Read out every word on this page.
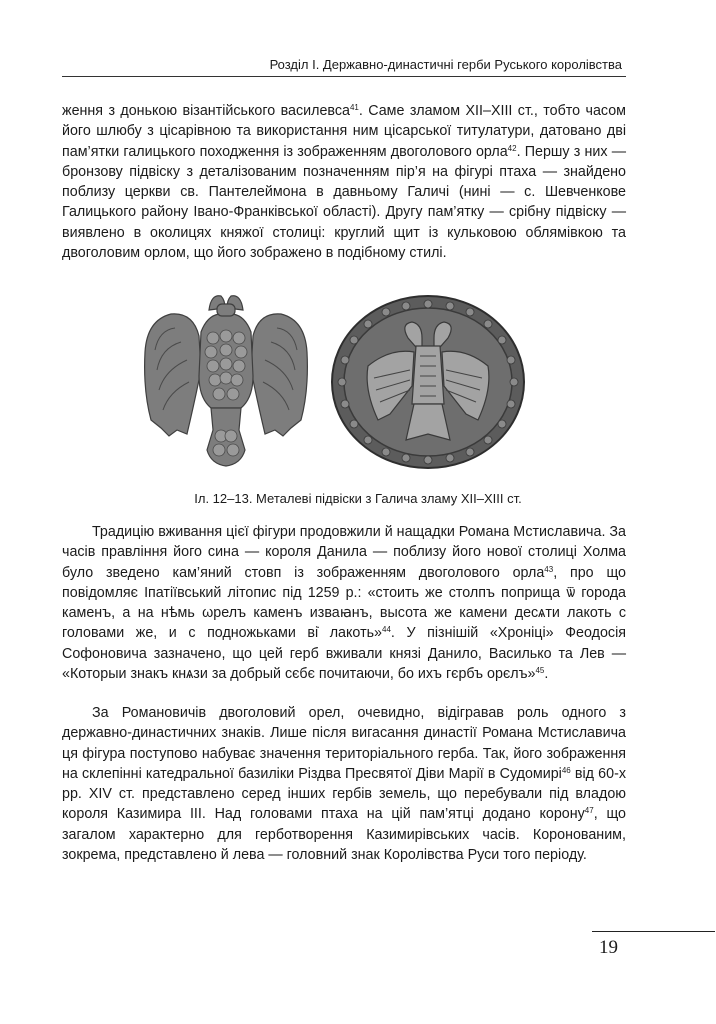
Розділ І. Державно-династичні герби Руського королівства

ження з донькою візантійського василевса$^{41}$. Саме зламом XII–XIII ст., тобто часом його шлюбу з цісарівною та використання ним цісарської титулатури, датовано дві пам’ятки галицького походження із зображенням двоголового орла$^{42}$. Першу з них — бронзову підвіску з деталізованим позначенням пір’я на фігурі птаха — знайдено поблизу церкви св. Пантелеймона в давньому Галичі (нині — с. Шевченкове Галицького району Івано-Франківської області). Другу пам’ятку — срібну підвіску — виявлено в околицях княжої столиці: круглий щит із кульковою облямівкою та двоголовим орлом, що його зображено в подібному стилі.

Іл. 12–13. Металеві підвіски з Галича зламу XII–XIII ст.

Традицію вживання цієї фігури продовжили й нащадки Романа Мстиславича. За часів правління його сина — короля Данила — поблизу його нової столиці Холма було зведено кам’яний стовп із зображенням двоголового орла$^{43}$, про що повідомляє Іпатіївський літопис під 1259 р.: «стоить же столпъ поприща ѿ города каменъ, а на нѣмь ωрелъ каменъ изваꙗнъ, высота же камени десѧти лакоть с головами же, и с подножьками ві̇ лакоть»$^{44}$. У пізнішій «Хроніці» Феодосія Софоновича зазначено, що цей герб вживали князі Данило, Василько та Лев — «Которыи знакъ кнѧзи за добрый сєбє почитаючи, бо ихъ гєрбъ орєлъ»$^{45}$.

За Романовичів двоголовий орел, очевидно, відігравав роль одного з державно-династичних знаків. Лише після вигасання династії Романа Мстиславича ця фігура поступово набуває значення територіального герба. Так, його зображення на склепінні катедральної базиліки Різдва Пресвятої Діви Марії в Судомирі$^{46}$ від 60-х рр. XIV ст. представлено серед інших гербів земель, що перебували під владою короля Казимира ІІІ. Над головами птаха на цій пам’ятці додано корону$^{47}$, що загалом характерно для герботворення Казимирівських часів. Коронованим, зокрема, представлено й лева — головний знак Королівства Руси того періоду.

19
